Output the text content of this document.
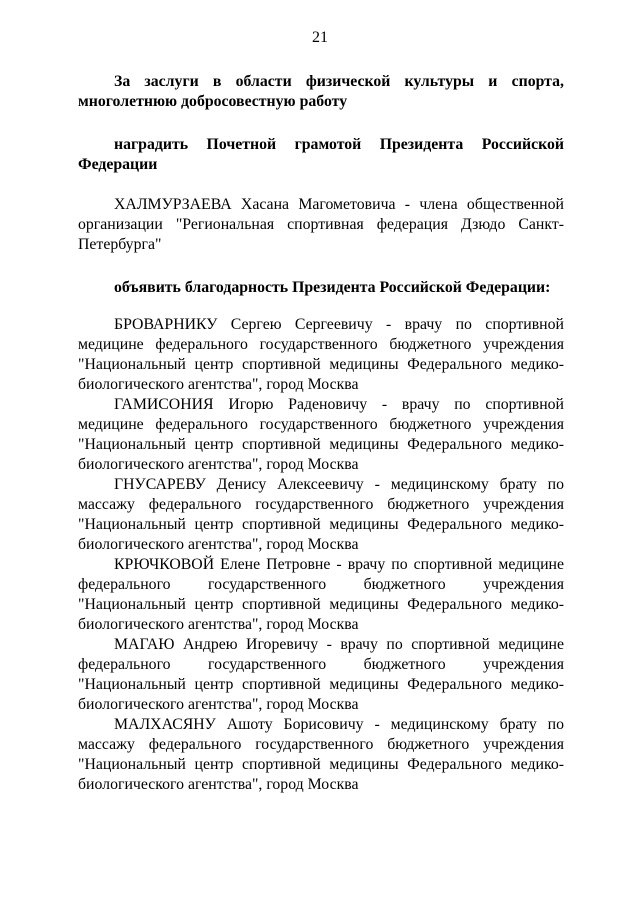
21

За заслуги в области физической культуры и спорта, многолетнюю добросовестную работу

наградить Почетной грамотой Президента Российской Федерации

ХАЛМУРЗАЕВА Хасана Магометовича - члена общественной организации "Региональная спортивная федерация Дзюдо Санкт-Петербурга"

объявить благодарность Президента Российской Федерации:

БРОВАРНИКУ Сергею Сергеевичу - врачу по спортивной медицине федерального государственного бюджетного учреждения "Национальный центр спортивной медицины Федерального медико-биологического агентства", город Москва

ГАМИСОНИЯ Игорю Раденовичу - врачу по спортивной медицине федерального государственного бюджетного учреждения "Национальный центр спортивной медицины Федерального медико-биологического агентства", город Москва

ГНУСАРЕВУ Денису Алексеевичу - медицинскому брату по массажу федерального государственного бюджетного учреждения "Национальный центр спортивной медицины Федерального медико-биологического агентства", город Москва

КРЮЧКОВОЙ Елене Петровне - врачу по спортивной медицине федерального государственного бюджетного учреждения "Национальный центр спортивной медицины Федерального медико-биологического агентства", город Москва

МАГАЮ Андрею Игоревичу - врачу по спортивной медицине федерального государственного бюджетного учреждения "Национальный центр спортивной медицины Федерального медико-биологического агентства", город Москва

МАЛХАСЯНУ Ашоту Борисовичу - медицинскому брату по массажу федерального государственного бюджетного учреждения "Национальный центр спортивной медицины Федерального медико-биологического агентства", город Москва
